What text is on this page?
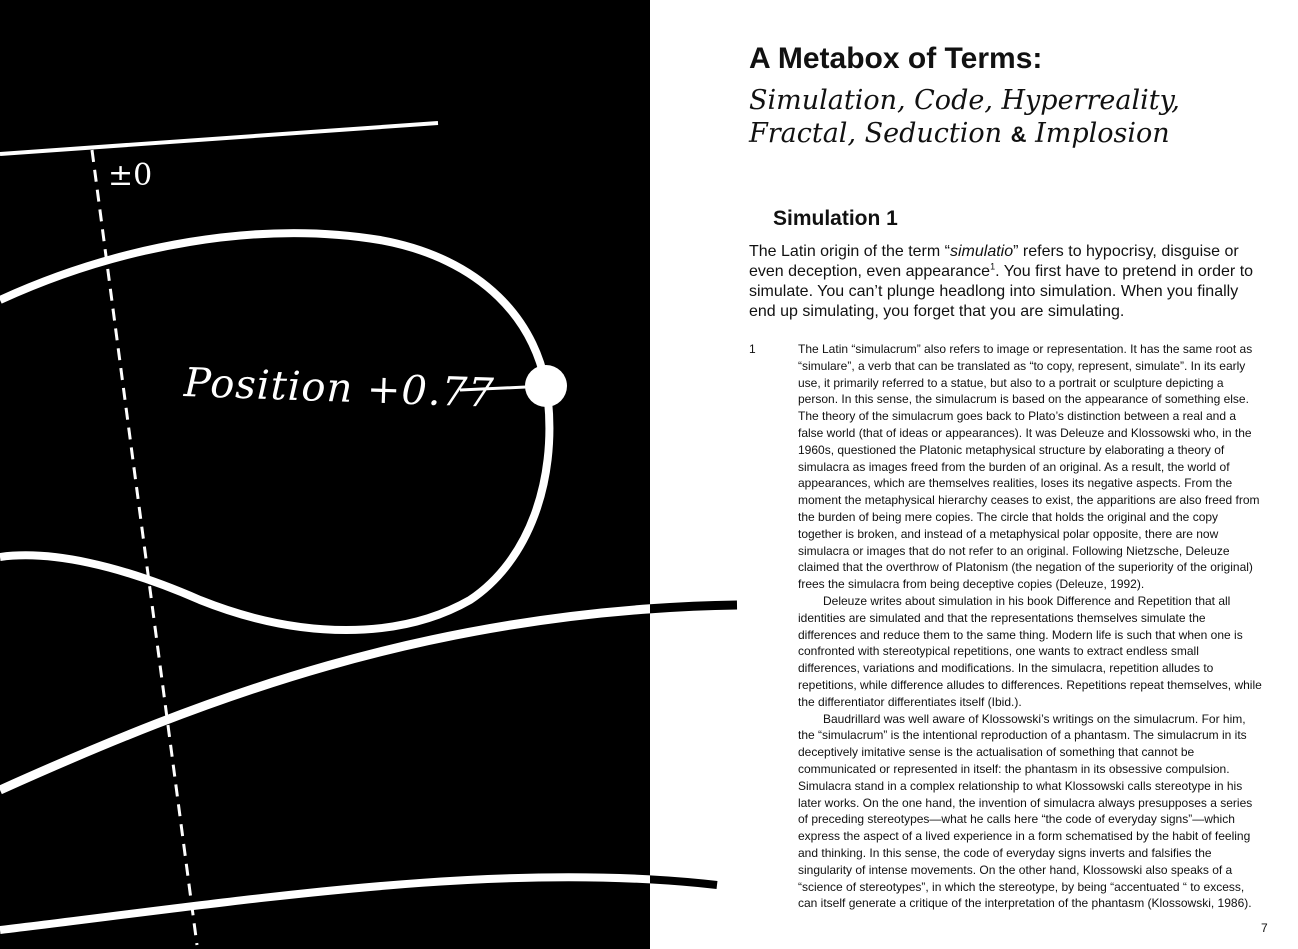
±0
Position +0.77
A Metabox of Terms:
Simulation, Code, Hyperreality, Fractal, Seduction & Implosion
Simulation 1

The Latin origin of the term “simulatio” refers to hypocrisy, disguise or even deception, even appearance$^1$. You first have to pretend in order to simulate. You can’t plunge headlong into simulation. When you finally end up simulating, you forget that you are simulating.

1	The Latin “simulacrum” also refers to image or representation. It has the same root as “simulare”, a verb that can be translated as “to copy, represent, simulate”. In its early use, it primarily referred to a statue, but also to a portrait or sculpture depicting a person. In this sense, the simulacrum is based on the appearance of something else. The theory of the simulacrum goes back to Plato’s distinction between a real and a false world (that of ideas or appearances). It was Deleuze and Klossowski who, in the 1960s, questioned the Platonic metaphysical structure by elaborating a theory of simulacra as images freed from the burden of an original. As a result, the world of appearances, which are themselves realities, loses its negative aspects. From the moment the metaphysical hierarchy ceases to exist, the apparitions are also freed from the burden of being mere copies. The circle that holds the original and the copy together is broken, and instead of a metaphysical polar opposite, there are now simulacra or images that do not refer to an original. Following Nietzsche, Deleuze claimed that the overthrow of Platonism (the negation of the superiority of the original) frees the simulacra from being deceptive copies (Deleuze, 1992).

Deleuze writes about simulation in his book Difference and Repetition that all identities are simulated and that the representations themselves simulate the differences and reduce them to the same thing. Modern life is such that when one is confronted with stereotypical repetitions, one wants to extract endless small differences, variations and modifications. In the simulacra, repetition alludes to repetitions, while difference alludes to differences. Repetitions repeat themselves, while the differentiator differentiates itself (Ibid.).

Baudrillard was well aware of Klossowski’s writings on the simulacrum. For him, the “simulacrum” is the intentional reproduction of a phantasm. The simulacrum in its deceptively imitative sense is the actualisation of something that cannot be communicated or represented in itself: the phantasm in its obsessive compulsion. Simulacra stand in a complex relationship to what Klossowski calls stereotype in his later works. On the one hand, the invention of simulacra always presupposes a series of preceding stereotypes—what he calls here “the code of everyday signs”—which express the aspect of a lived experience in a form schematised by the habit of feeling and thinking. In this sense, the code of everyday signs inverts and falsifies the singularity of intense movements. On the other hand, Klossowski also speaks of a “science of stereotypes”, in which the stereotype, by being “accentuated “ to excess, can itself generate a critique of the interpretation of the phantasm (Klossowski, 1986).

7
